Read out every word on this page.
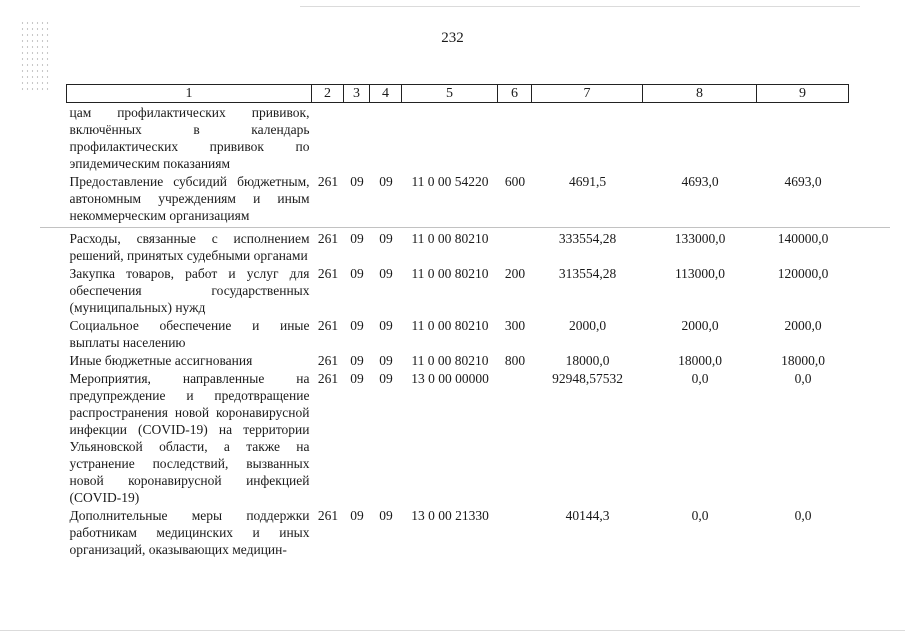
232
1	2	3	4	5	6	7	8	9
цам профилактических прививок, включённых в календарь профилактических прививок по эпидемическим показаниям								
Предоставление субсидий бюджетным, автономным учреждениям и иным некоммерческим организациям	261	09	09	11 0 00 54220	600	4691,5	4693,0	4693,0
Расходы, связанные с исполнением решений, принятых судебными органами	261	09	09	11 0 00 80210		333554,28	133000,0	140000,0
Закупка товаров, работ и услуг для обеспечения государственных (муниципальных) нужд	261	09	09	11 0 00 80210	200	313554,28	113000,0	120000,0
Социальное обеспечение и иные выплаты населению	261	09	09	11 0 00 80210	300	2000,0	2000,0	2000,0
Иные бюджетные ассигнования	261	09	09	11 0 00 80210	800	18000,0	18000,0	18000,0
Мероприятия, направленные на предупреждение и предотвращение распространения новой коронавирусной инфекции (COVID-19) на территории Ульяновской области, а также на устранение последствий, вызванных новой коронавирусной инфекцией (COVID-19)	261	09	09	13 0 00 00000		92948,57532	0,0	0,0
Дополнительные меры поддержки работникам медицинских и иных организаций, оказывающих медицин-	261	09	09	13 0 00 21330		40144,3	0,0	0,0
